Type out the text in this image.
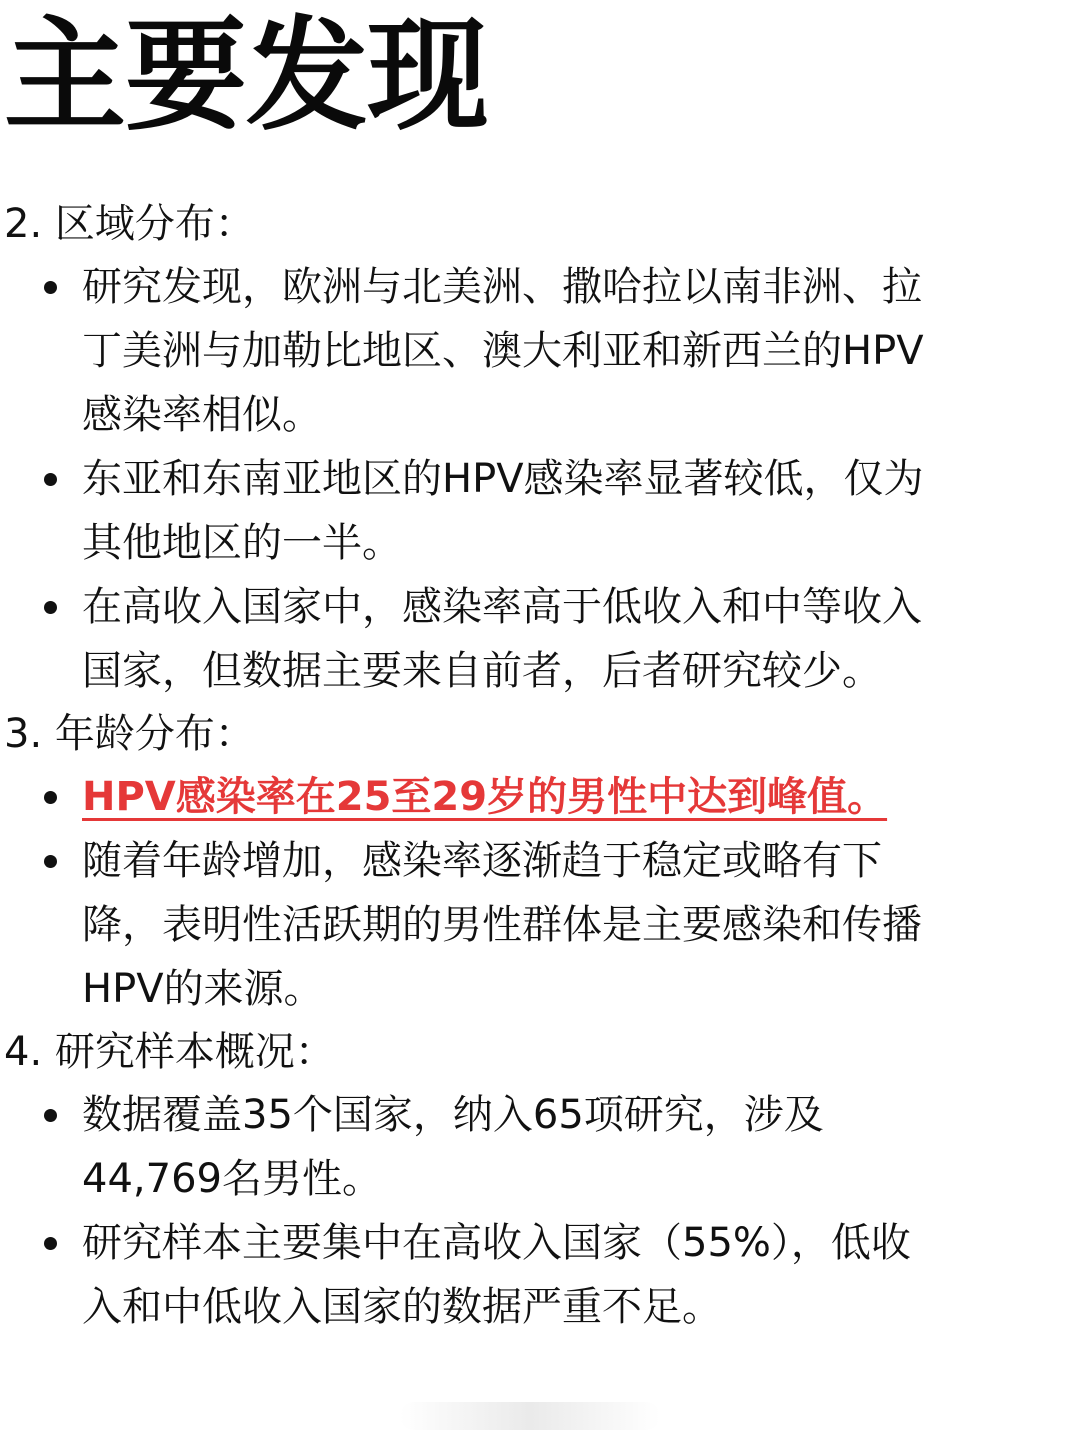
主要发现
2. 区域分布：
研究发现，欧洲与北美洲、撒哈拉以南非洲、拉
丁美洲与加勒比地区、澳大利亚和新西兰的HPV
感染率相似。
东亚和东南亚地区的HPV感染率显著较低，仅为
其他地区的一半。
在高收入国家中，感染率高于低收入和中等收入
国家，但数据主要来自前者，后者研究较少。
3. 年龄分布：
HPV感染率在25至29岁的男性中达到峰值。
随着年龄增加，感染率逐渐趋于稳定或略有下
降，表明性活跃期的男性群体是主要感染和传播
HPV的来源。
4. 研究样本概况：
数据覆盖35个国家，纳入65项研究，涉及
44,769名男性。
研究样本主要集中在高收入国家（55%），低收
入和中低收入国家的数据严重不足。
